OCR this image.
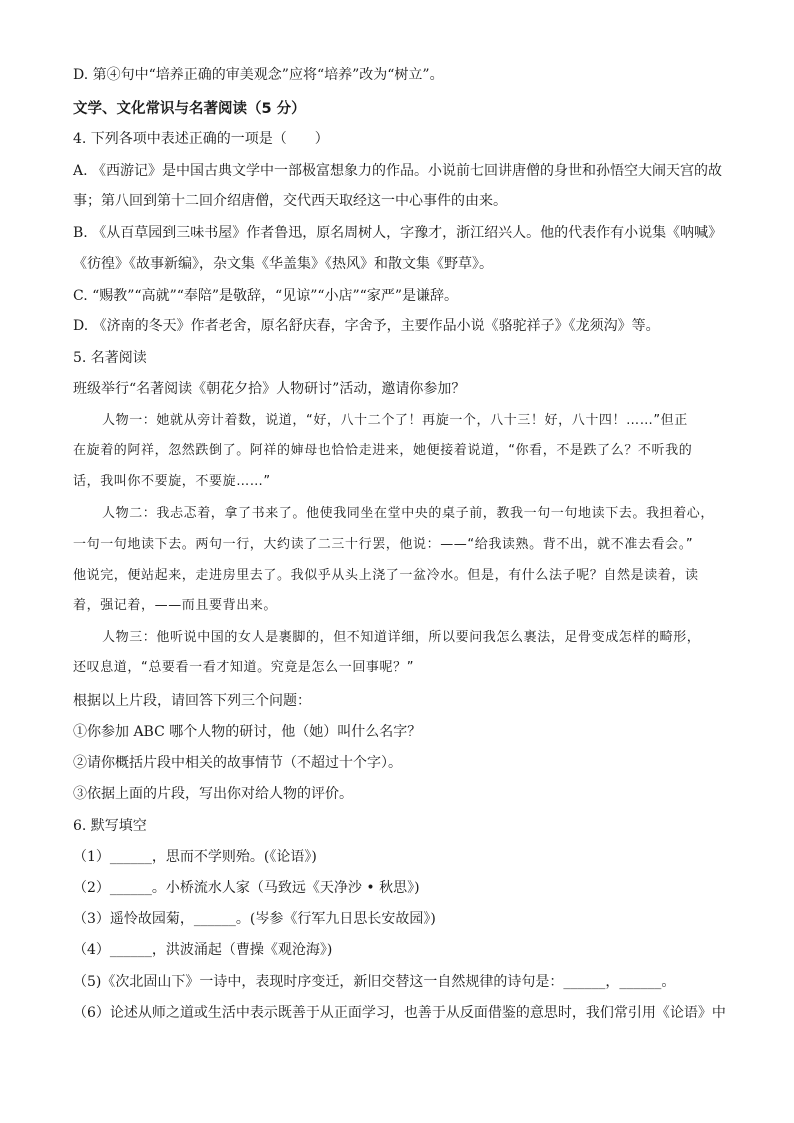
D. 第④句中“培养正确的审美观念”应将“培养”改为“树立”。
文学、文化常识与名著阅读（5 分）
4. 下列各项中表述正确的一项是（　　）
A. 《西游记》是中国古典文学中一部极富想象力的作品。小说前七回讲唐僧的身世和孙悟空大闹天宫的故
事；第八回到第十二回介绍唐僧，交代西天取经这一中心事件的由来。
B. 《从百草园到三味书屋》作者鲁迅，原名周树人，字豫才，浙江绍兴人。他的代表作有小说集《呐喊》
《彷徨》《故事新编》，杂文集《华盖集》《热风》和散文集《野草》。
C. “赐教”“高就”“奉陪”是敬辞，“见谅”“小店”“家严”是谦辞。
D. 《济南的冬天》作者老舍，原名舒庆春，字舍予，主要作品小说《骆驼祥子》《龙须沟》等。
5. 名著阅读
班级举行“名著阅读《朝花夕拾》人物研讨”活动，邀请你参加？
人物一：她就从旁计着数，说道，“好，八十二个了！再旋一个，八十三！好，八十四！……”但正
在旋着的阿祥，忽然跌倒了。阿祥的婶母也恰恰走进来，她便接着说道，“你看，不是跌了么？不听我的
话，我叫你不要旋，不要旋……”
人物二：我忐忑着，拿了书来了。他使我同坐在堂中央的桌子前，教我一句一句地读下去。我担着心，
一句一句地读下去。两句一行，大约读了二三十行罢，他说：——“给我读熟。背不出，就不准去看会。”
他说完，便站起来，走进房里去了。我似乎从头上浇了一盆冷水。但是，有什么法子呢？自然是读着，读
着，强记着，——而且要背出来。
人物三：他听说中国的女人是裹脚的，但不知道详细，所以要问我怎么裹法，足骨变成怎样的畸形，
还叹息道，“总要看一看才知道。究竟是怎么一回事呢？”
根据以上片段，请回答下列三个问题：
①你参加 ABC 哪个人物的研讨，他（她）叫什么名字？
②请你概括片段中相关的故事情节（不超过十个字）。
③依据上面的片段，写出你对给人物的评价。
6. 默写填空
（1）______，思而不学则殆。(《论语》)
（2）______。小桥流水人家（马致远《天净沙 • 秋思》)
（3）遥怜故园菊，______。(岑参《行军九日思长安故园》)
（4）______，洪波涌起（曹操《观沧海》)
（5)《次北固山下》一诗中，表现时序变迁，新旧交替这一自然规律的诗句是：______，______。
（6）论述从师之道或生活中表示既善于从正面学习，也善于从反面借鉴的意思时，我们常引用《论语》中
